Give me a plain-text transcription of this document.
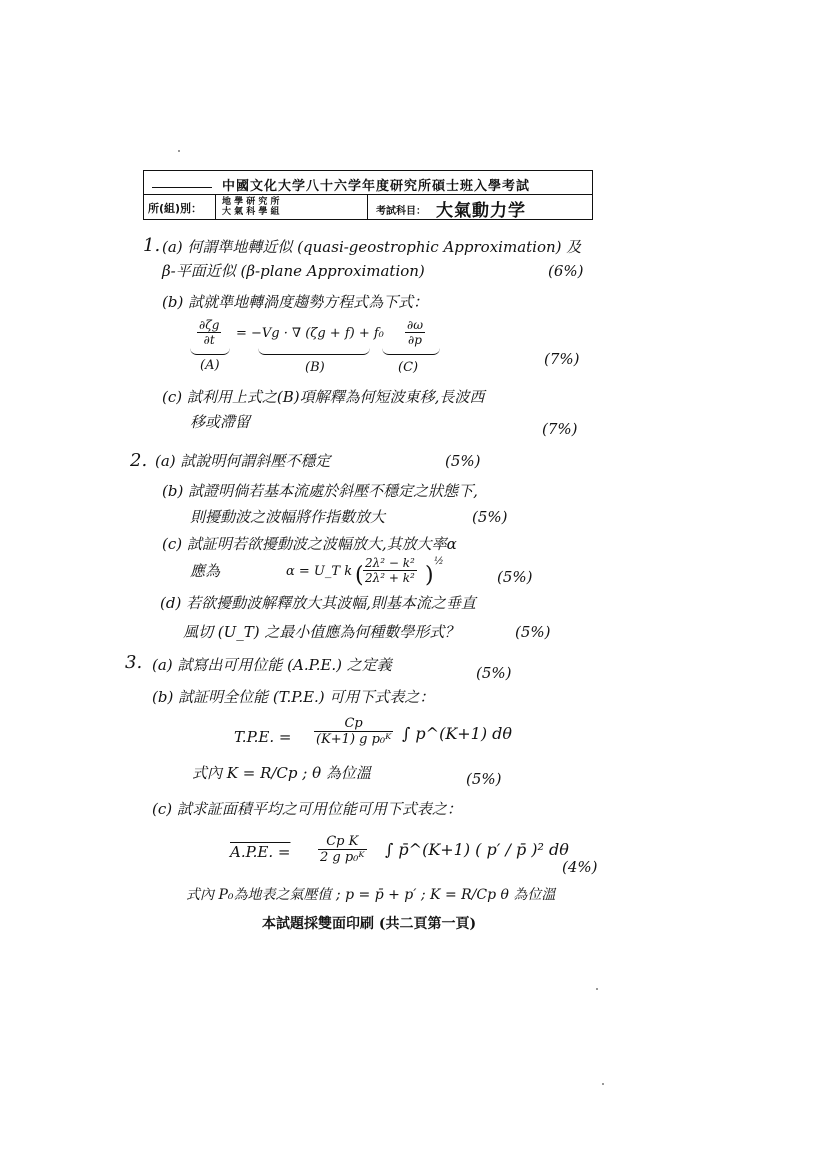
中國文化大学八十六学年度研究所碩士班入學考試
所(組)別：	地 學 研 究 所
大 氣 科 學 組	考試科目： 大氣動力学
1. (a) 何謂準地轉近似 (quasi-geostrophic Approximation) 及
β-平面近似 (β-plane Approximation)	(6%)
(b) 試就準地轉渦度趨勢方程式為下式：
$\frac{\partial\zeta g}{\partial t} = -Vg$ · ∇ $(\zeta g + f) + f_0 \frac{\partial\omega}{\partial p}$
(A)	(B)	(C)	(7%)
(c) 試利用上式之(B)項解釋為何短波東移,長波西
移或滯留	(7%)
2. (a) 試說明何謂斜壓不穩定	(5%)
(b) 試證明倘若基本流處於斜壓不穩定之狀態下,
則擾動波之波幅將作指數放大	(5%)
(c) 試証明若欲擾動波之波幅放大,其放大率α
應為	α = U_T k ( $\frac{\text{2λ² − k²}}{\text{2λ² + k²}}$ )
½
(5%)
(d) 若欲擾動波解釋放大其波幅,則基本流之垂直
風切 (U_T) 之最小值應為何種數學形式？	(5%)
3. (a) 試寫出可用位能 (A.P.E.) 之定義	(5%)
(b) 試証明全位能 (T.P.E.) 可用下式表之：
T.P.E. = $\frac{Cp}{\text{(K+1) g p₀ᴷ}}$ ∫ p^(K+1) dθ
式內 K = R/Cp ; θ 為位溫	(5%)
(c) 試求証面積平均之可用位能可用下式表之：
A.P.E. = $\frac{\text{Cp K}}{\text{2 g p₀ᴷ}}$ ∫ p̄^(K+1) ( p′ / p̄ )² dθ
(4%)
式內 P₀為地表之氣壓值 ; p = p̄ + p′ ; K = R/Cp θ 為位溫
本試題採雙面印刷 (共二頁第一頁)
